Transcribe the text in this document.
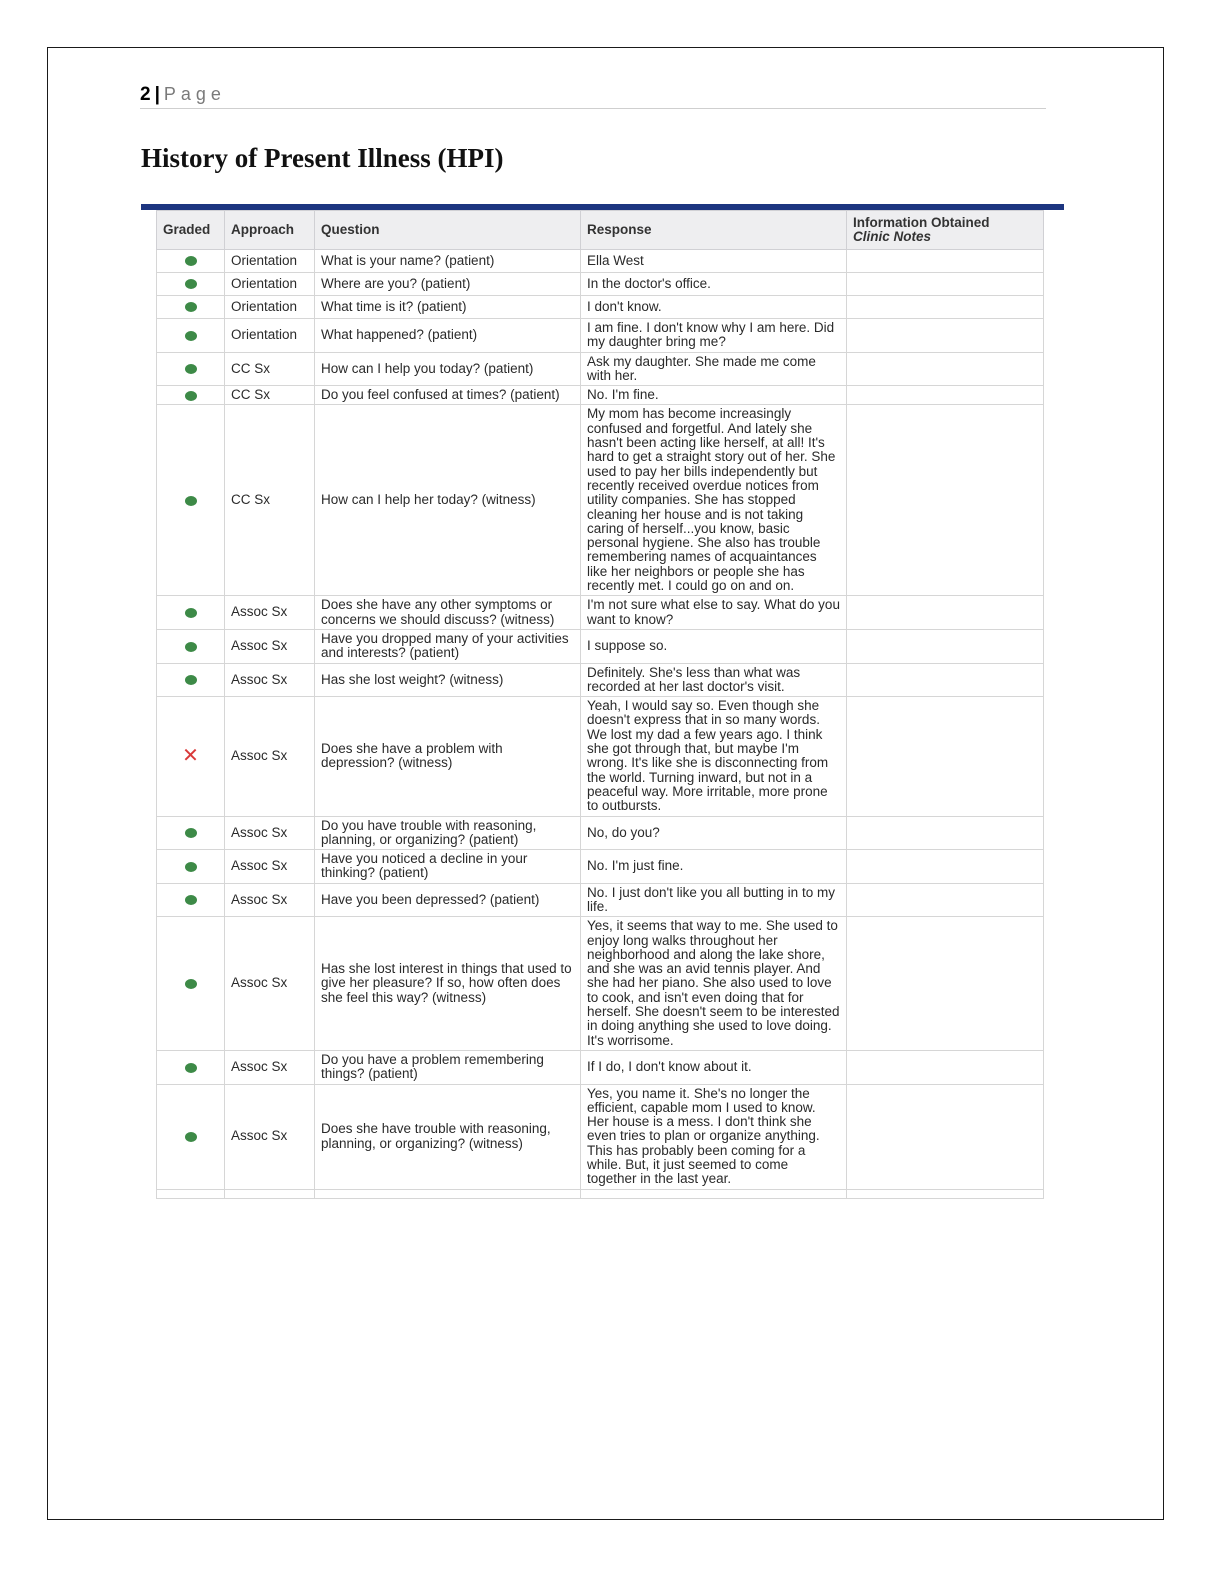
2 | Page
History of Present Illness (HPI)
Graded	Approach	Question	Response	Information Obtained
Clinic Notes

	Orientation	What is your name? (patient)	Ella West	
	Orientation	Where are you? (patient)	In the doctor's office.	
	Orientation	What time is it? (patient)	I don't know.	
	Orientation	What happened? (patient)	I am fine. I don't know why I am here. Did my daughter bring me?	
	CC Sx	How can I help you today? (patient)	Ask my daughter. She made me come with her.	
	CC Sx	Do you feel confused at times? (patient)	No. I'm fine.	
	CC Sx	How can I help her today? (witness)	My mom has become increasingly confused and forgetful. And lately she hasn't been acting like herself, at all! It's hard to get a straight story out of her. She used to pay her bills independently but recently received overdue notices from utility companies. She has stopped cleaning her house and is not taking caring of herself...you know, basic personal hygiene. She also has trouble remembering names of acquaintances like her neighbors or people she has recently met. I could go on and on.	
	Assoc Sx	Does she have any other symptoms or concerns we should discuss? (witness)	I'm not sure what else to say. What do you want to know?	
	Assoc Sx	Have you dropped many of your activities and interests? (patient)	I suppose so.	
	Assoc Sx	Has she lost weight? (witness)	Definitely. She's less than what was recorded at her last doctor's visit.	
✕	Assoc Sx	Does she have a problem with depression? (witness)	Yeah, I would say so. Even though she doesn't express that in so many words. We lost my dad a few years ago. I think she got through that, but maybe I'm wrong. It's like she is disconnecting from the world. Turning inward, but not in a peaceful way. More irritable, more prone to outbursts.	
	Assoc Sx	Do you have trouble with reasoning, planning, or organizing? (patient)	No, do you?	
	Assoc Sx	Have you noticed a decline in your thinking? (patient)	No. I'm just fine.	
	Assoc Sx	Have you been depressed? (patient)	No. I just don't like you all butting in to my life.	
	Assoc Sx	Has she lost interest in things that used to give her pleasure? If so, how often does she feel this way? (witness)	Yes, it seems that way to me. She used to enjoy long walks throughout her neighborhood and along the lake shore, and she was an avid tennis player. And she had her piano. She also used to love to cook, and isn't even doing that for herself. She doesn't seem to be interested in doing anything she used to love doing. It's worrisome.	
	Assoc Sx	Do you have a problem remembering things? (patient)	If I do, I don't know about it.	
	Assoc Sx	Does she have trouble with reasoning, planning, or organizing? (witness)	Yes, you name it. She's no longer the efficient, capable mom I used to know. Her house is a mess. I don't think she even tries to plan or organize anything. This has probably been coming for a while. But, it just seemed to come together in the last year.	
